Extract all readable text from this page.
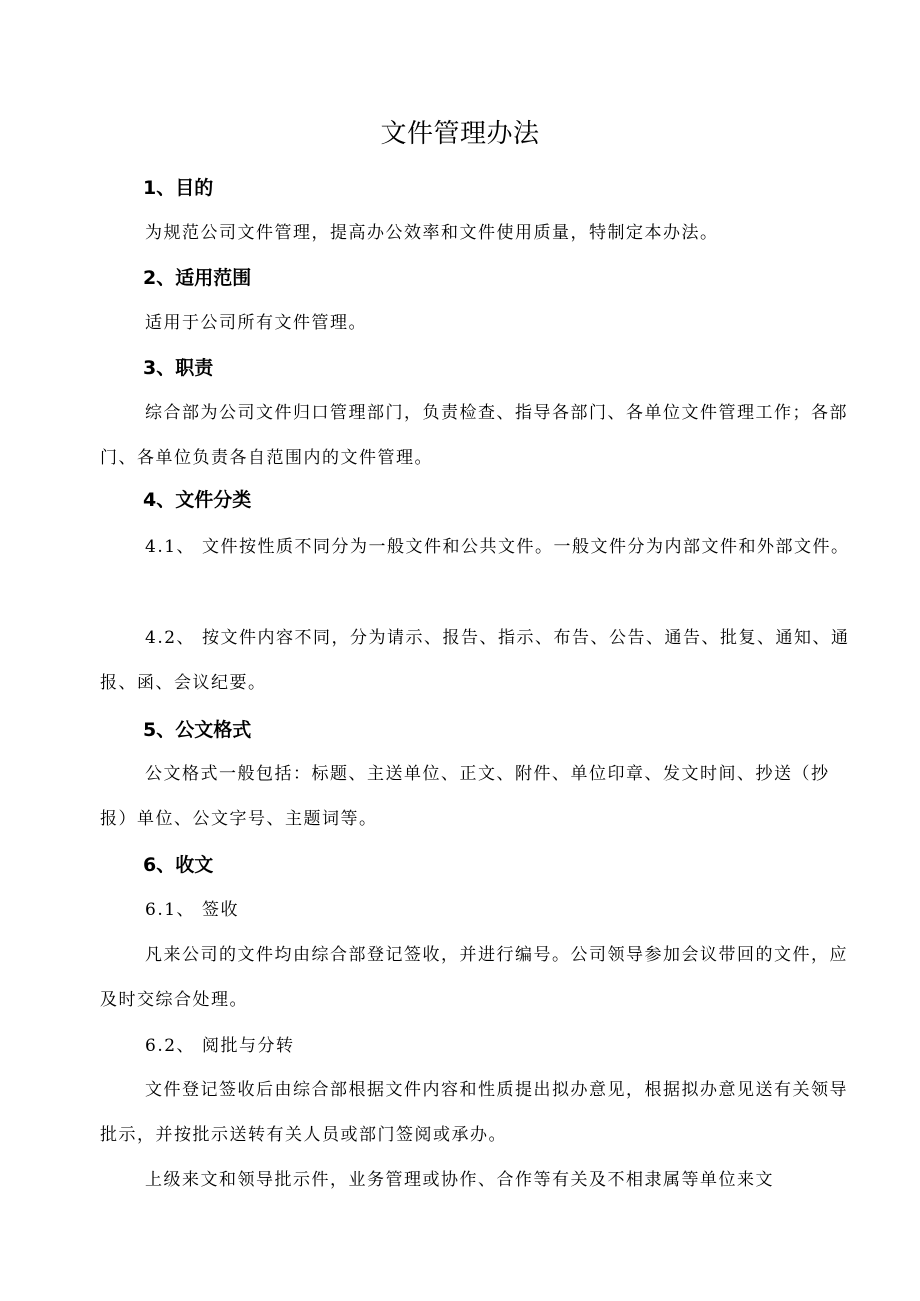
文件管理办法
1、目的
为规范公司文件管理，提高办公效率和文件使用质量，特制定本办法。
2、适用范围
适用于公司所有文件管理。
3、职责
综合部为公司文件归口管理部门，负责检查、指导各部门、各单位文件管理工作；各部门、各单位负责各自范围内的文件管理。
4、文件分类
4.1、 文件按性质不同分为一般文件和公共文件。一般文件分为内部文件和外部文件。
4.2、 按文件内容不同，分为请示、报告、指示、布告、公告、通告、批复、通知、通报、函、会议纪要。
5、公文格式
公文格式一般包括：标题、主送单位、正文、附件、单位印章、发文时间、抄送（抄报）单位、公文字号、主题词等。
6、收文
6.1、 签收
凡来公司的文件均由综合部登记签收，并进行编号。公司领导参加会议带回的文件，应及时交综合处理。
6.2、 阅批与分转
文件登记签收后由综合部根据文件内容和性质提出拟办意见，根据拟办意见送有关领导批示，并按批示送转有关人员或部门签阅或承办。
上级来文和领导批示件，业务管理或协作、合作等有关及不相隶属等单位来文
